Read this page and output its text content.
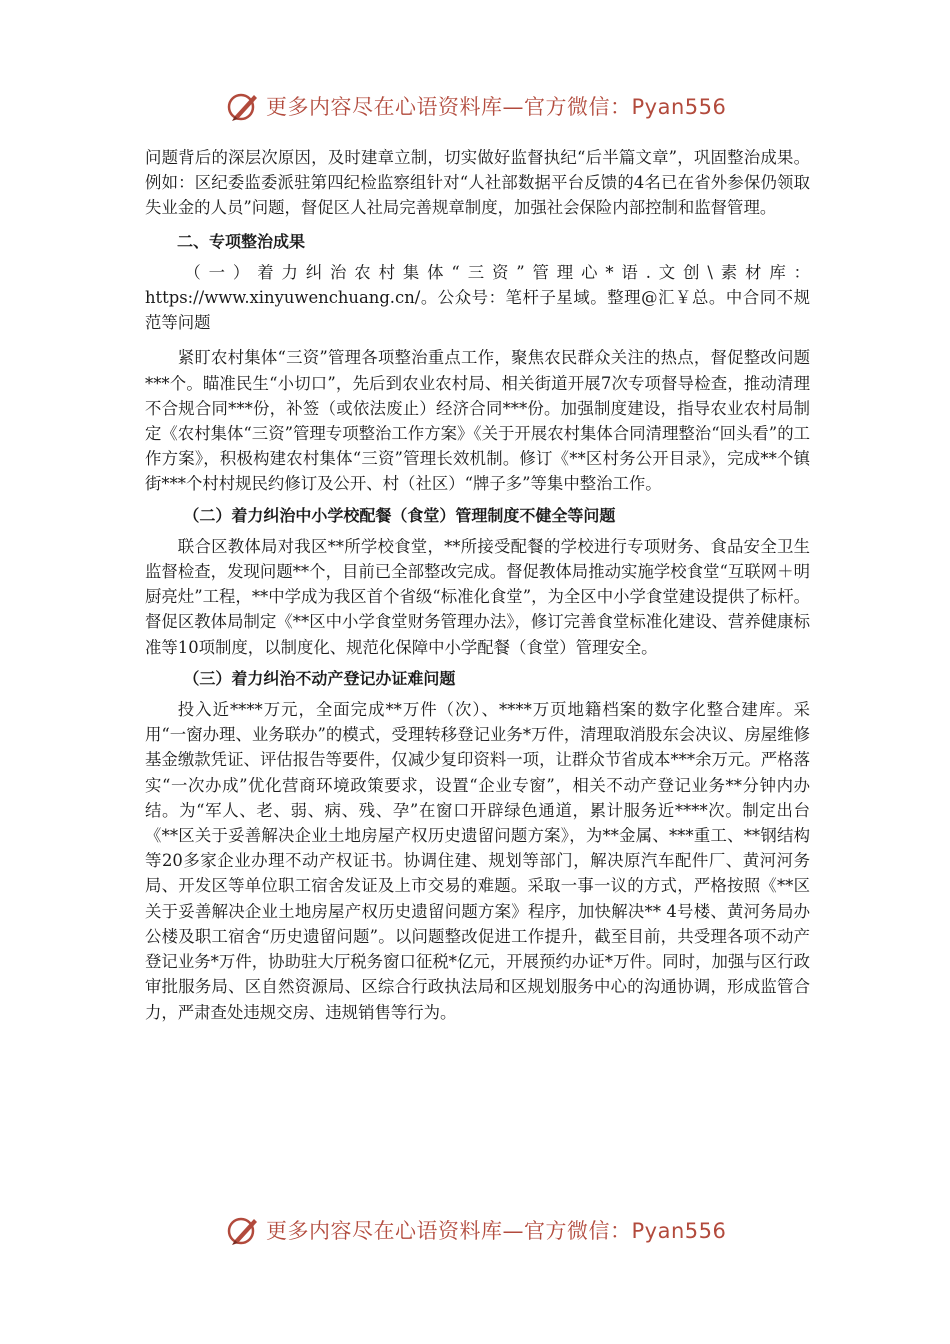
更多内容尽在心语资料库—官方微信：Pyan556

问题背后的深层次原因，及时建章立制，切实做好监督执纪“后半篇文章”，巩固整治成果。例如：区纪委监委派驻第四纪检监察组针对“人社部数据平台反馈的4名已在省外参保仍领取失业金的人员”问题，督促区人社局完善规章制度，加强社会保险内部控制和监督管理。

二、专项整治成果

（一）着力纠治农村集体“三资”管理心*语.文创\素材库：https://www.xinyuwenchuang.cn/。公众号：笔杆子星域。整理@汇￥总。中合同不规范等问题

紧盯农村集体“三资”管理各项整治重点工作，聚焦农民群众关注的热点，督促整改问题***个。瞄准民生“小切口”，先后到农业农村局、相关街道开展7次专项督导检查，推动清理不合规合同***份，补签（或依法废止）经济合同***份。加强制度建设，指导农业农村局制定《农村集体“三资”管理专项整治工作方案》《关于开展农村集体合同清理整治“回头看”的工作方案》，积极构建农村集体“三资”管理长效机制。修订《**区村务公开目录》，完成**个镇街***个村村规民约修订及公开、村（社区）“牌子多”等集中整治工作。

（二）着力纠治中小学校配餐（食堂）管理制度不健全等问题

联合区教体局对我区**所学校食堂，**所接受配餐的学校进行专项财务、食品安全卫生监督检查，发现问题**个，目前已全部整改完成。督促教体局推动实施学校食堂“互联网＋明厨亮灶”工程，**中学成为我区首个省级“标准化食堂”，为全区中小学食堂建设提供了标杆。督促区教体局制定《**区中小学食堂财务管理办法》，修订完善食堂标准化建设、营养健康标准等10项制度，以制度化、规范化保障中小学配餐（食堂）管理安全。

（三）着力纠治不动产登记办证难问题

投入近****万元，全面完成**万件（次）、****万页地籍档案的数字化整合建库。采用“一窗办理、业务联办”的模式，受理转移登记业务*万件，清理取消股东会决议、房屋维修基金缴款凭证、评估报告等要件，仅减少复印资料一项，让群众节省成本***余万元。严格落实“一次办成”优化营商环境政策要求，设置“企业专窗”，相关不动产登记业务**分钟内办结。为“军人、老、弱、病、残、孕”在窗口开辟绿色通道，累计服务近****次。制定出台《**区关于妥善解决企业土地房屋产权历史遗留问题方案》，为**金属、***重工、**钢结构等20多家企业办理不动产权证书。协调住建、规划等部门，解决原汽车配件厂、黄河河务局、开发区等单位职工宿舍发证及上市交易的难题。采取一事一议的方式，严格按照《**区关于妥善解决企业土地房屋产权历史遗留问题方案》程序，加快解决** 4号楼、黄河务局办公楼及职工宿舍“历史遗留问题”。以问题整改促进工作提升，截至目前，共受理各项不动产登记业务*万件，协助驻大厅税务窗口征税*亿元，开展预约办证*万件。同时，加强与区行政审批服务局、区自然资源局、区综合行政执法局和区规划服务中心的沟通协调，形成监管合力，严肃查处违规交房、违规销售等行为。

更多内容尽在心语资料库—官方微信：Pyan556
